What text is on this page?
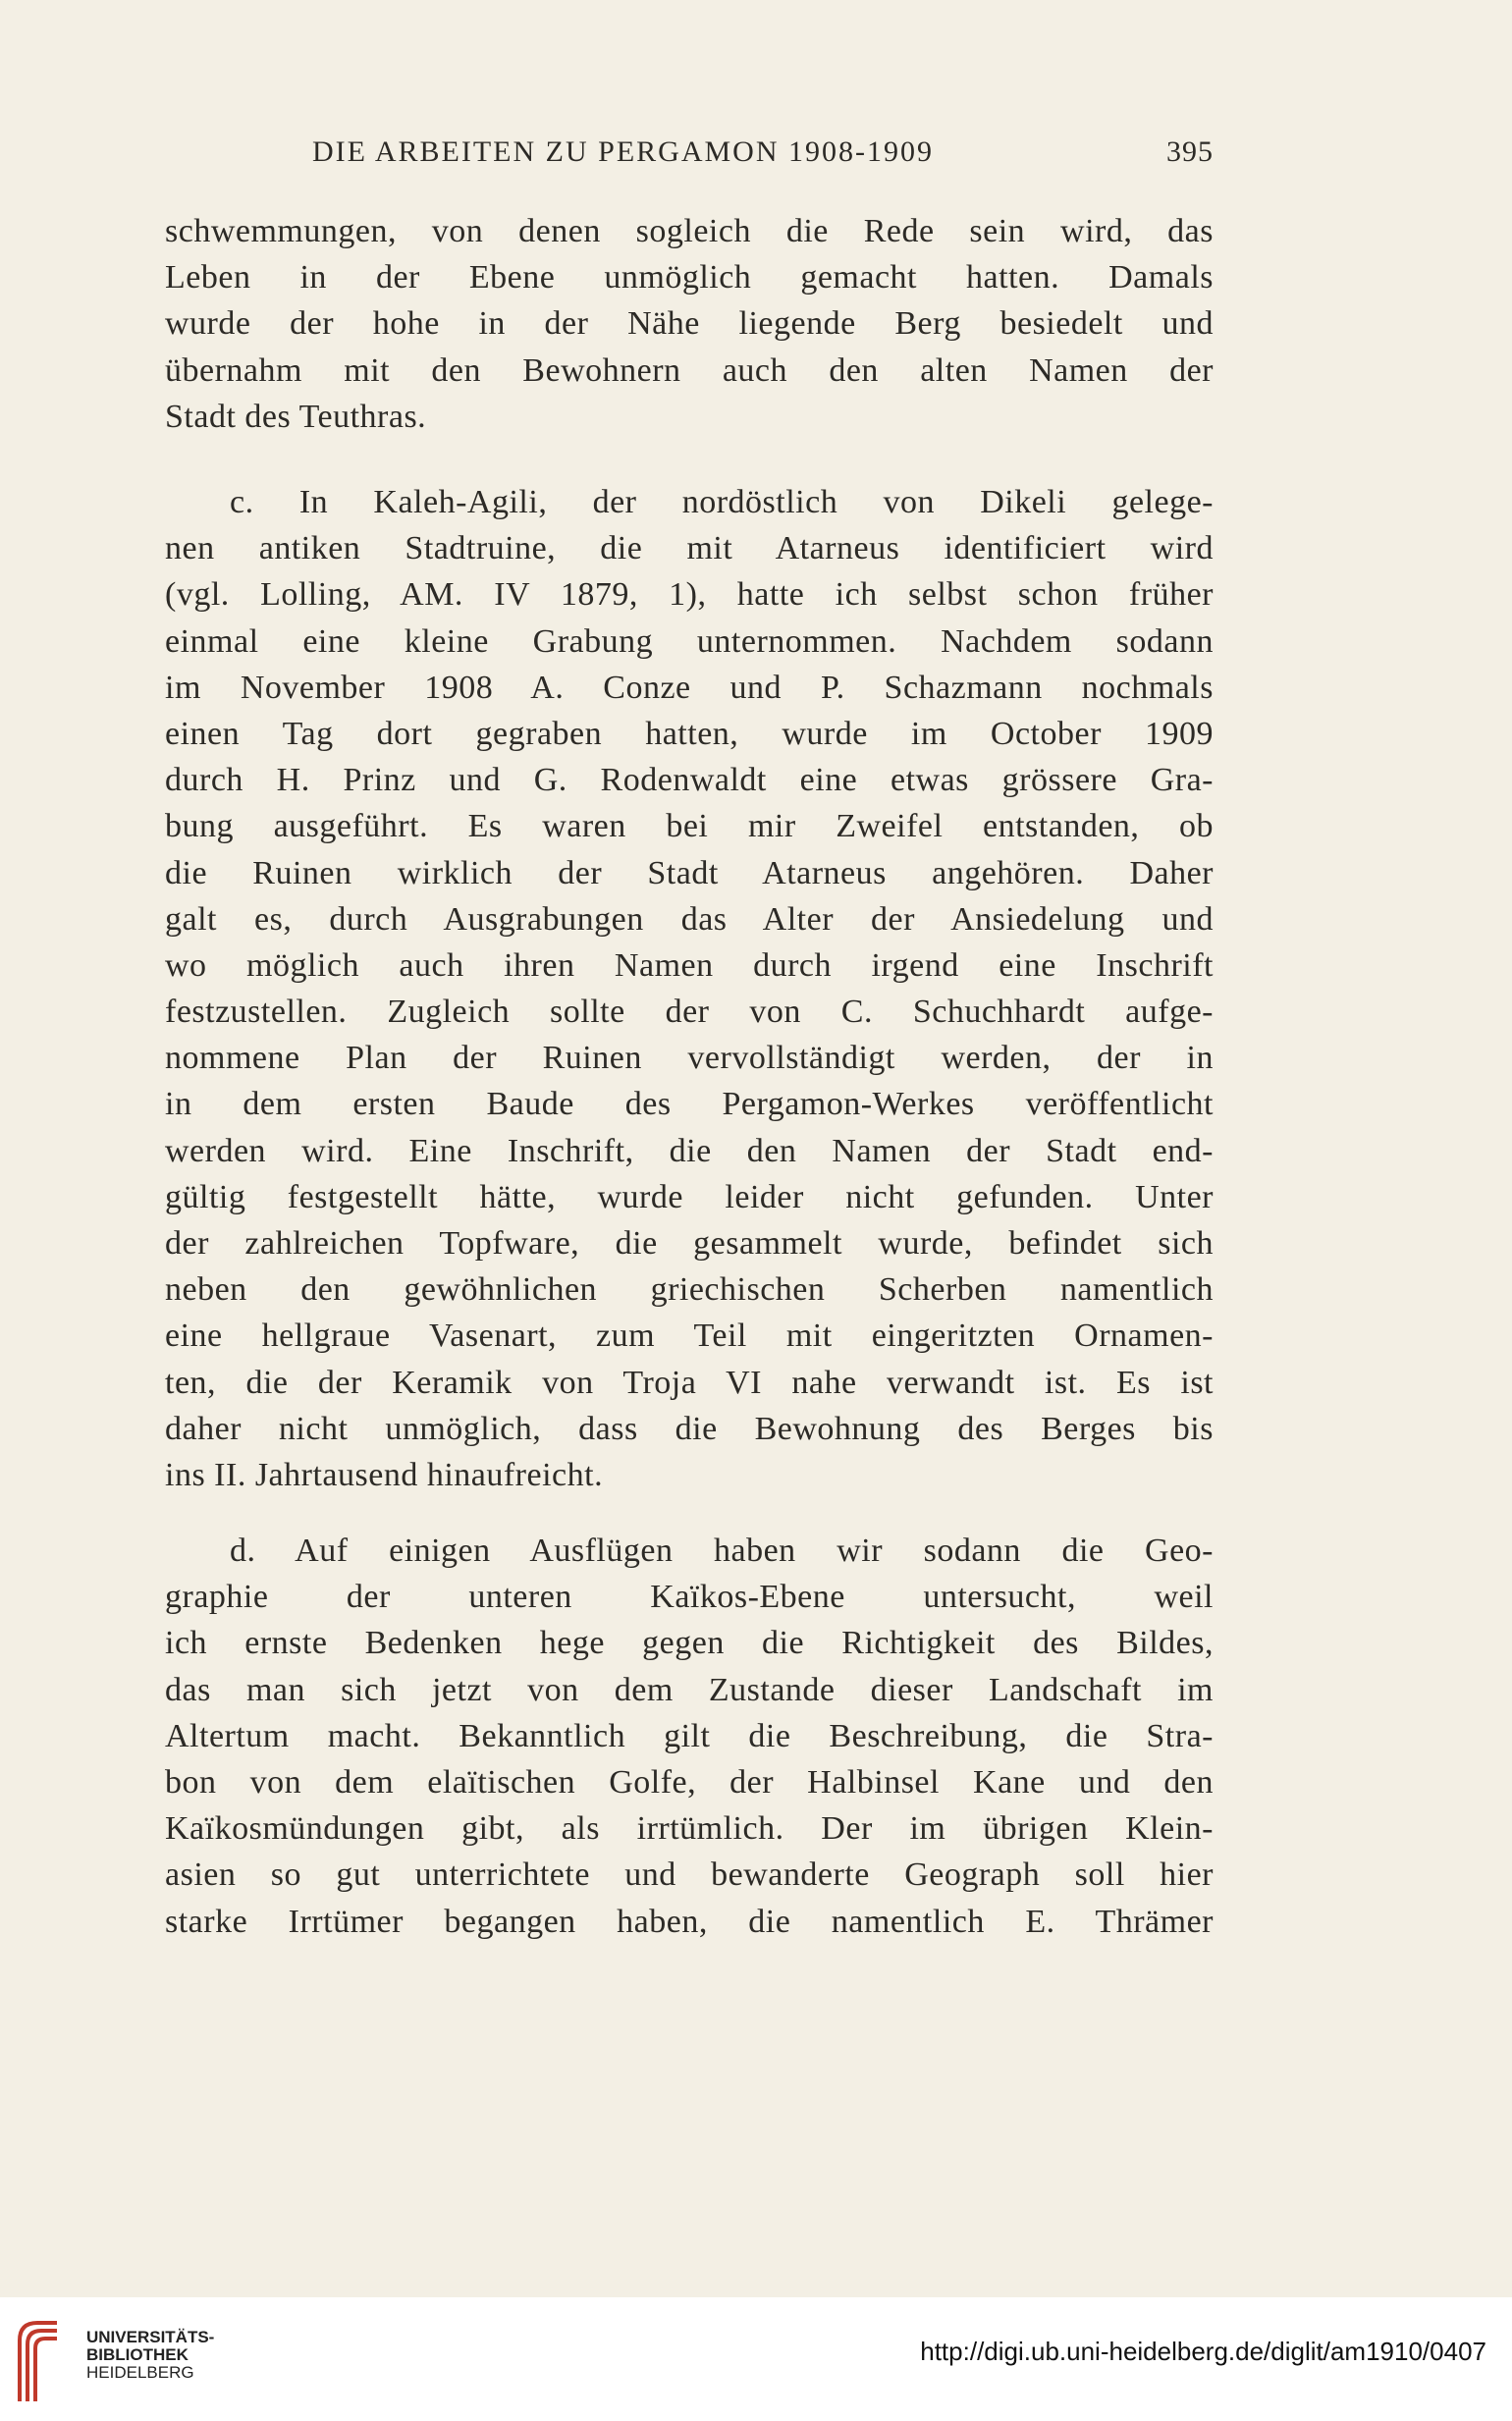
DIE ARBEITEN ZU PERGAMON 1908-1909	395
schwemmungen, von denen sogleich die Rede sein wird, das
Leben in der Ebene unmöglich gemacht hatten. Damals
wurde der hohe in der Nähe liegende Berg besiedelt und
übernahm mit den Bewohnern auch den alten Namen der
Stadt des Teuthras.
c. In Kaleh-Agili, der nordöstlich von Dikeli gelege-
nen antiken Stadtruine, die mit Atarneus identificiert wird
(vgl. Lolling, AM. IV 1879, 1), hatte ich selbst schon früher
einmal eine kleine Grabung unternommen. Nachdem sodann
im November 1908 A. Conze und P. Schazmann nochmals
einen Tag dort gegraben hatten, wurde im October 1909
durch H. Prinz und G. Rodenwaldt eine etwas grössere Gra-
bung ausgeführt. Es waren bei mir Zweifel entstanden, ob
die Ruinen wirklich der Stadt Atarneus angehören. Daher
galt es, durch Ausgrabungen das Alter der Ansiedelung und
wo möglich auch ihren Namen durch irgend eine Inschrift
festzustellen. Zugleich sollte der von C. Schuchhardt aufge-
nommene Plan der Ruinen vervollständigt werden, der in
in dem ersten Baude des Pergamon-Werkes veröffentlicht
werden wird. Eine Inschrift, die den Namen der Stadt end-
gültig festgestellt hätte, wurde leider nicht gefunden. Unter
der zahlreichen Topfware, die gesammelt wurde, befindet sich
neben den gewöhnlichen griechischen Scherben namentlich
eine hellgraue Vasenart, zum Teil mit eingeritzten Ornamen-
ten, die der Keramik von Troja VI nahe verwandt ist. Es ist
daher nicht unmöglich, dass die Bewohnung des Berges bis
ins II. Jahrtausend hinaufreicht.
d. Auf einigen Ausflügen haben wir sodann die Geo-
graphie der unteren Kaïkos-Ebene untersucht, weil
ich ernste Bedenken hege gegen die Richtigkeit des Bildes,
das man sich jetzt von dem Zustande dieser Landschaft im
Altertum macht. Bekanntlich gilt die Beschreibung, die Stra-
bon von dem elaïtischen Golfe, der Halbinsel Kane und den
Kaïkosmündungen gibt, als irrtümlich. Der im übrigen Klein-
asien so gut unterrichtete und bewanderte Geograph soll hier
starke Irrtümer begangen haben, die namentlich E. Thrämer
UNIVERSITÄTS-
BIBLIOTHEK
HEIDELBERG
http://digi.ub.uni-heidelberg.de/diglit/am1910/0407
